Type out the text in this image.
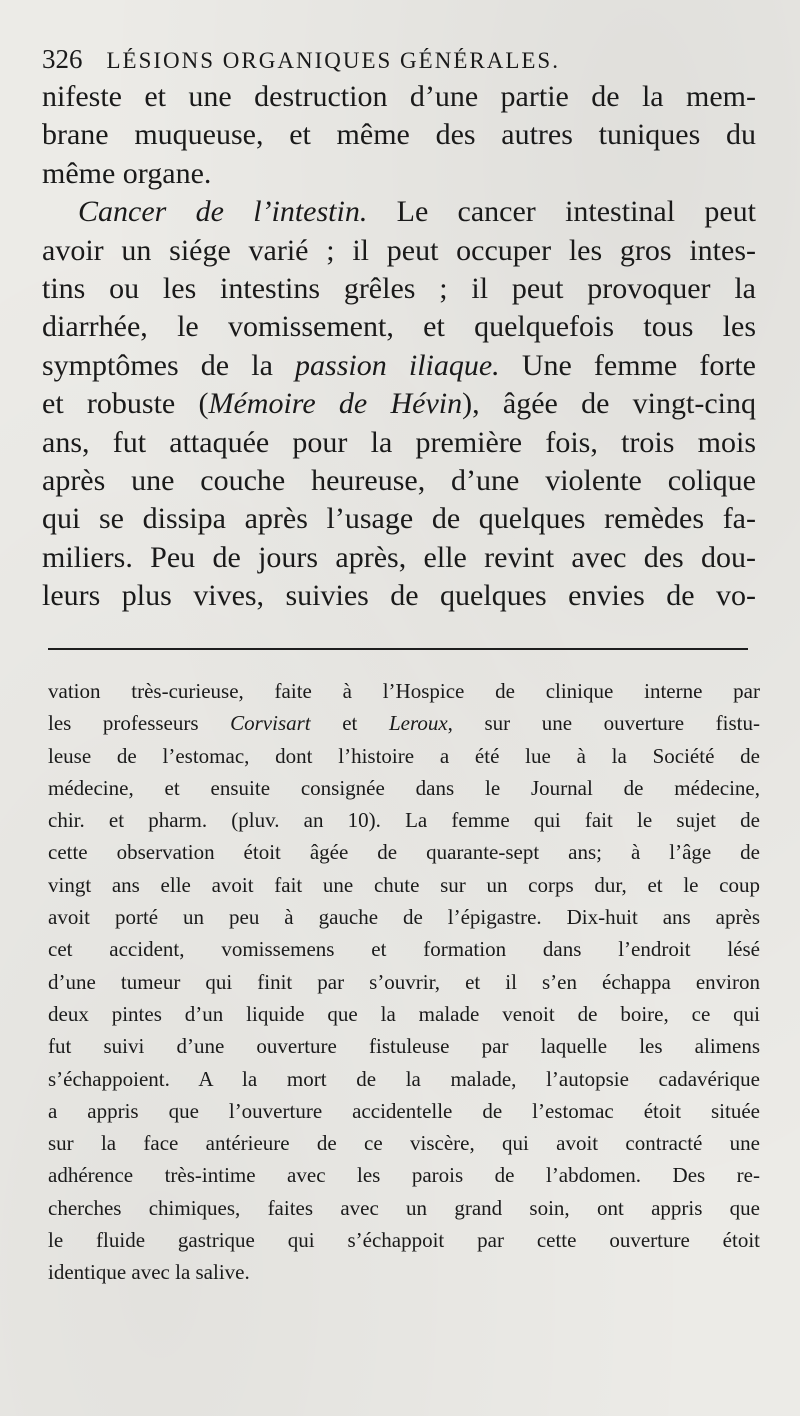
326 LÉSIONS ORGANIQUES GÉNÉRALES.
nifeste et une destruction d’une partie de la mem-
brane muqueuse, et même des autres tuniques du
même organe.
Cancer de l’intestin. Le cancer intestinal peut
avoir un siége varié ; il peut occuper les gros intes-
tins ou les intestins grêles ; il peut provoquer la
diarrhée, le vomissement, et quelquefois tous les
symptômes de la passion iliaque. Une femme forte
et robuste (Mémoire de Hévin), âgée de vingt-cinq
ans, fut attaquée pour la première fois, trois mois
après une couche heureuse, d’une violente colique
qui se dissipa après l’usage de quelques remèdes fa-
miliers. Peu de jours après, elle revint avec des dou-
leurs plus vives, suivies de quelques envies de vo-
vation très-curieuse, faite à l’Hospice de clinique interne par
les professeurs Corvisart et Leroux, sur une ouverture fistu-
leuse de l’estomac, dont l’histoire a été lue à la Société de
médecine, et ensuite consignée dans le Journal de médecine,
chir. et pharm. (pluv. an 10). La femme qui fait le sujet de
cette observation étoit âgée de quarante-sept ans; à l’âge de
vingt ans elle avoit fait une chute sur un corps dur, et le coup
avoit porté un peu à gauche de l’épigastre. Dix-huit ans après
cet accident, vomissemens et formation dans l’endroit lésé
d’une tumeur qui finit par s’ouvrir, et il s’en échappa environ
deux pintes d’un liquide que la malade venoit de boire, ce qui
fut suivi d’une ouverture fistuleuse par laquelle les alimens
s’échappoient. A la mort de la malade, l’autopsie cadavérique
a appris que l’ouverture accidentelle de l’estomac étoit située
sur la face antérieure de ce viscère, qui avoit contracté une
adhérence très-intime avec les parois de l’abdomen. Des re-
cherches chimiques, faites avec un grand soin, ont appris que
le fluide gastrique qui s’échappoit par cette ouverture étoit
identique avec la salive.
